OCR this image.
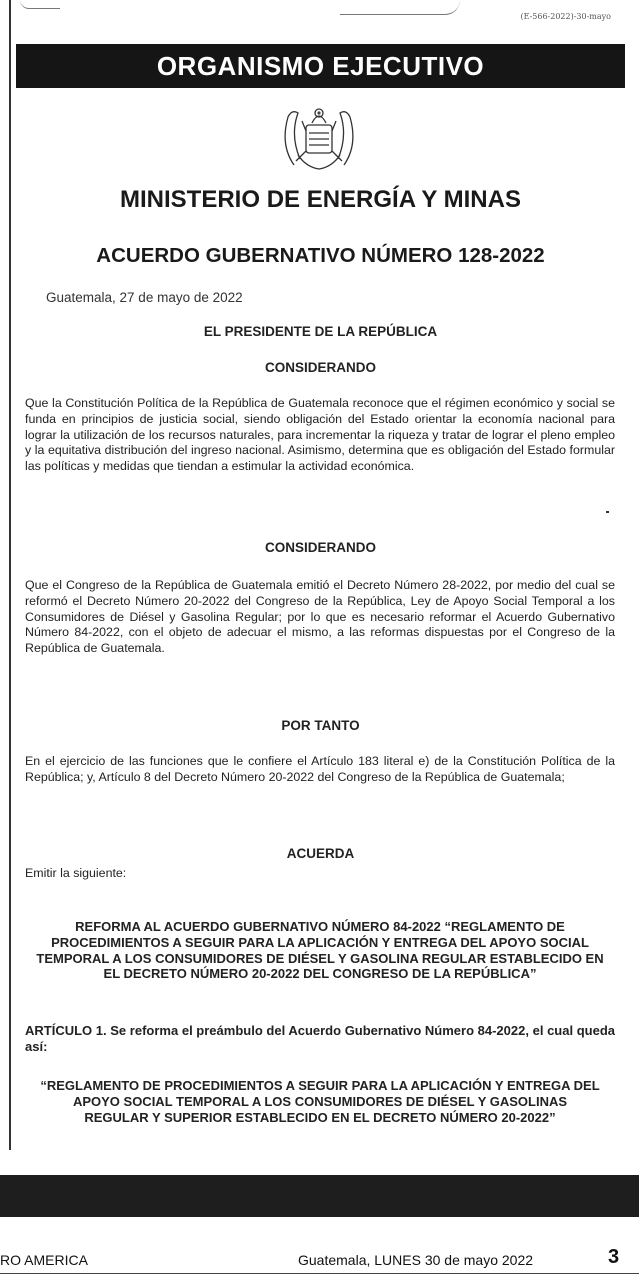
(E-566-2022)-30-mayo
ORGANISMO EJECUTIVO
MINISTERIO DE ENERGÍA Y MINAS
ACUERDO GUBERNATIVO NÚMERO 128-2022
Guatemala, 27 de mayo de 2022
EL PRESIDENTE DE LA REPÚBLICA
CONSIDERANDO

Que la Constitución Política de la República de Guatemala reconoce que el régimen económico y social se funda en principios de justicia social, siendo obligación del Estado orientar la economía nacional para lograr la utilización de los recursos naturales, para incrementar la riqueza y tratar de lograr el pleno empleo y la equitativa distribución del ingreso nacional. Asimismo, determina que es obligación del Estado formular las políticas y medidas que tiendan a estimular la actividad económica.

CONSIDERANDO

Que el Congreso de la República de Guatemala emitió el Decreto Número 28-2022, por medio del cual se reformó el Decreto Número 20-2022 del Congreso de la República, Ley de Apoyo Social Temporal a los Consumidores de Diésel y Gasolina Regular; por lo que es necesario reformar el Acuerdo Gubernativo Número 84-2022, con el objeto de adecuar el mismo, a las reformas dispuestas por el Congreso de la República de Guatemala.

POR TANTO

En el ejercicio de las funciones que le confiere el Artículo 183 literal e) de la Constitución Política de la República; y, Artículo 8 del Decreto Número 20-2022 del Congreso de la República de Guatemala;

ACUERDA

Emitir la siguiente:

REFORMA AL ACUERDO GUBERNATIVO NÚMERO 84-2022 “REGLAMENTO DE PROCEDIMIENTOS A SEGUIR PARA LA APLICACIÓN Y ENTREGA DEL APOYO SOCIAL TEMPORAL A LOS CONSUMIDORES DE DIÉSEL Y GASOLINA REGULAR ESTABLECIDO EN EL DECRETO NÚMERO 20-2022 DEL CONGRESO DE LA REPÚBLICA”

ARTÍCULO 1. Se reforma el preámbulo del Acuerdo Gubernativo Número 84-2022, el cual queda así:

“REGLAMENTO DE PROCEDIMIENTOS A SEGUIR PARA LA APLICACIÓN Y ENTREGA DEL APOYO SOCIAL TEMPORAL A LOS CONSUMIDORES DE DIÉSEL Y GASOLINAS REGULAR Y SUPERIOR ESTABLECIDO EN EL DECRETO NÚMERO 20-2022”

RO AMERICA	Guatemala, LUNES 30 de mayo 2022	3
